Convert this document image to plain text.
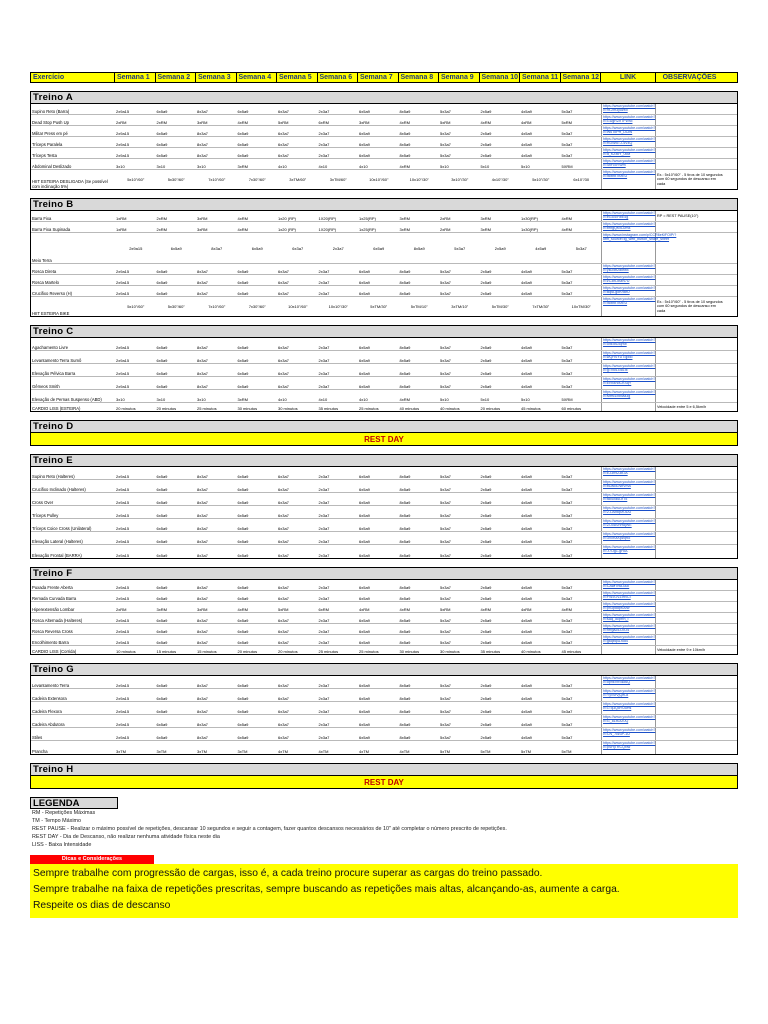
Exercício	Semana 1	Semana 2	Semana 3	Semana 4	Semana 5	Semana 6	Semana 7	Semana 8	Semana 9	Semana 10 Semana 11 Semana 12	LINK	OBSERVAÇÕES
Treino A
Supino Reto (Barra)	2x9a15	6x5a9	8x3a7	6x5a9	6x3a7	2x3a7	6x5a9	8x5a9	5x3a7	2x5a9	4x5a9	5x3a7
https://www.youtube.com/watch?v=9t-2m3yuzMI
Dead Stop Push Up	2xRM	2xRM	3xRM	4xRM	5xRM	6xRM	3xRM	4xRM	5xRM	4xRM	4xRM	5xRM
https://www.youtube.com/watch?v=GUgRZhTFWNI
Militar Press em pé	2x9a15	6x5a9	8x3a7	6x5a9	6x3a7	2x3a7	6x5a9	8x5a9	5x3a7	2x5a9	4x5a9	5x3a7
https://www.youtube.com/watch?v=WuTkPH_DCbs
Tríceps Paralela	2x9a15	6x5a9	8x3a7	6x5a9	6x3a7	2x3a7	6x5a9	8x5a9	5x3a7	2x5a9	4x5a9	5x3a7
https://www.youtube.com/watch?v=RDWBTJ-4V4Q
Tríceps Testa	2x9a15	6x5a9	8x3a7	6x5a9	6x3a7	2x3a7	6x5a9	8x5a9	5x3a7	2x5a9	4x5a9	5x3a7
https://www.youtube.com/watch?v=d_KZxkY_0cM
Abdominal Deslizado	3x10	3x10	3x10	3xRM	4x10	4x10	4x10	4xRM	5x10	5x10	5x10	5XRM
https://www.youtube.com/watch?v=4nFc5YWm
HIIT ESTEIRA DESLIGADA (Se possível com inclinação 5%)
5x10"/60"	5x30"/60"	7x10"/60"	7x30"/60"	3xTM/60"	3xTM/60"	10x10"/60"	10x10"/30"	3x10"/30"	4x10"/30"	5x10"/30"	6x10"/30
https://www.youtube.com/watch?v=ltcxnb7hzEU	Ex.: 5x10"/60" - 5 tiros de 10 segundos com 60 segundos de descanso em cada
Treino B
Barra Fixa	1xRM	2xRM	3xRM	4xRM	1x20 (RP)	1X20(RP)	1x25(RP)	3xRM	2xRM	3xRM	1x30(RP)	4xRM
https://www.youtube.com/watch?v=eGo4IYlbE5g	RP = REST PAUSE(10")
Barra Fixa Supinada	1xRM	2xRM	3xRM	4xRM	1x20 (RP)	1X20(RP)	1x25(RP)	3xRM	2xRM	3xRM	1x30(RP)	4xRM
https://www.youtube.com/watch?v=brhgQKxDJm4
Meio Terra
2x9a15	6x5a9	8x3a7	6x5a9	6x3a7	2x3a7	6x5a9	8x5a9	5x3a7	2x5a9	4x5a9	5x3a7
https://www.instagram.com/p/CCR6eKiFOIP/?utm_source=ig_web_button_share_sheet
Rosca Direta	2x9a15	6x5a9	8x3a7	6x5a9	6x3a7	2x3a7	6x5a9	8x5a9	5x3a7	2x5a9	4x5a9	5x3a7
https://www.youtube.com/watch?v=ykD5bZdkfw4
Rosca Martelo	2x9a15	6x5a9	8x3a7	6x5a9	6x3a7	2x3a7	6x5a9	8x5a9	5x3a7	2x5a9	4x5a9	5x3a7
https://www.youtube.com/watch?v=zC3nLlBzN7U
Crucifixo Reverso (H)	2x9a15	6x5a9	8x3a7	6x5a9	6x3a7	2x3a7	6x5a9	8x5a9	5x3a7	2x5a9	4x5a9	5x3a7
https://www.youtube.com/watch?v=Bq6LgoKhBfU
HIIT ESTEIRA BIKE
5x10"/60"	5x30"/60"	7x10"/60"	7x30"/60"	10x10"/60"	10x10"/30"	5xTM/30"	5xTM/10"	3xTM/10"	5xTM/30"	7xTM/30"	10xTM/30"
https://www.youtube.com/watch?v=ltcxnb7hzEU	Ex.: 5x10"/60" - 5 tiros de 10 segundos com 60 segundos de descanso em cada
Treino C
Agachamento Livre	2x9a15	6x5a9	8x3a7	6x5a9	6x3a7	2x3a7	6x5a9	8x5a9	5x3a7	2x5a9	4x5a9	5x3a7
https://www.youtube.com/watch?v=ultEIBLtqHw
Levantamento Terra Sumô	2x9a15	6x5a9	8x3a7	6x5a9	6x3a7	2x3a7	6x5a9	8x5a9	5x3a7	2x5a9	4x5a9	5x3a7
https://www.youtube.com/watch?v=wQHSYDTqpdo
Elevação Pélvica Barra	2x9a15	6x5a9	8x3a7	6x5a9	6x3a7	2x3a7	6x5a9	8x5a9	5x3a7	2x5a9	4x5a9	5x3a7
https://www.youtube.com/watch?v=gTvI0LG6LIE
Gêmeos Smith	2x9a15	6x5a9	8x3a7	6x5a9	6x3a7	2x3a7	6x5a9	8x5a9	5x3a7	2x5a9	4x5a9	5x3a7
https://www.youtube.com/watch?v=ErM4hdCKSqY
Elevação de Pernas Suspenso (ABD)	3x10	3x10	3x10	3xRM	4x10	4x10	4x10	4xRM	5x10	5x10	5x10	5XRM
https://www.youtube.com/watch?v=MtfN1MMaz3g
CARDIO LISS (ESTEIRA)	20 minutos	20 minutos	25 minutos	30 minutos	30 minutos	35 minutos	25 minutos	40 minutos	40 minutos	20 minutos	45 minutos	60 minutos	Velocidade entre 5 e 6,5km/h
Treino D
REST DAY
Treino E
Supino Reto (Halteres)	2x9a15	6x5a9	8x3a7	6x5a9	6x3a7	2x3a7	6x5a9	8x5a9	5x3a7	2x5a9	4x5a9	5x3a7
https://www.youtube.com/watch?v=EJ3h9Z3b-iA
Crucifixo Inclinado (Halteres)	2x9a15	6x5a9	8x3a7	6x5a9	6x3a7	2x3a7	6x5a9	8x5a9	5x3a7	2x5a9	4x5a9	5x3a7
https://www.youtube.com/watch?v=bDaIoLNbVmA
Cross Over	2x9a15	6x5a9	8x3a7	6x5a9	6x3a7	2x3a7	6x5a9	8x5a9	5x3a7	2x5a9	4x5a9	5x3a7
https://www.youtube.com/watch?v=taI4XduLhTk
Tríceps Pulley	2x9a15	6x5a9	8x3a7	6x5a9	6x3a7	2x3a7	6x5a9	8x5a9	5x3a7	2x5a9	4x5a9	5x3a7
https://www.youtube.com/watch?v=2-LAMcpzODU
Tríceps Coice Cross (Unilateral)	2x9a15	6x5a9	8x3a7	6x5a9	6x3a7	2x3a7	6x5a9	8x5a9	5x3a7	2x5a9	4x5a9	5x3a7
https://www.youtube.com/watch?v=ZO0w2nH8jWE
Elevação Lateral (Halteres)	2x9a15	6x5a9	8x3a7	6x5a9	6x3a7	2x3a7	6x5a9	8x5a9	5x3a7	2x5a9	4x5a9	5x3a7
https://www.youtube.com/watch?v=3VcKaXpzqRo
Elevação Frontal (BARRA)	2x9a15	6x5a9	8x3a7	6x5a9	6x3a7	2x3a7	6x5a9	8x5a9	5x3a7	2x5a9	4x5a9	5x3a7
https://www.youtube.com/watch?v=-t7Og1-gFkA
Treino F
Puxada Frente Aberta	2x9a15	6x5a9	8x3a7	6x5a9	6x3a7	2x3a7	6x5a9	8x5a9	5x3a7	2x5a9	4x5a9	5x3a7
https://www.youtube.com/watch?v=CAwf7n6Luuc
Remada Curvada Barra	2x9a15	6x5a9	8x3a7	6x5a9	6x3a7	2x3a7	6x5a9	8x5a9	5x3a7	2x5a9	4x5a9	5x3a7
https://www.youtube.com/watch?v=FWJGVZIRvCI
Hiperextensão Lombar	2xRM	3xRM	3xRM	4xRM	5xRM	6xRM	4xRM	4xRM	5xRM	4xRM	4xRM	4xRM
https://www.youtube.com/watch?v=ph3pddpKzzw
Rosca Alternada (Halteres)	2x9a15	6x5a9	8x3a7	6x5a9	6x3a7	2x3a7	6x5a9	8x5a9	5x3a7	2x5a9	4x5a9	5x3a7
https://www.youtube.com/watch?v=sAq_ocpRh_I
Rosca Reversa Cross	2x9a15	6x5a9	8x3a7	6x5a9	6x3a7	2x3a7	6x5a9	8x5a9	5x3a7	2x5a9	4x5a9	5x3a7
https://www.youtube.com/watch?v=nRgaJ5JJXJ4
Encolhimento Barra	2x9a15	6x5a9	8x3a7	6x5a9	6x3a7	2x3a7	6x5a9	8x5a9	5x3a7	2x5a9	4x5a9	5x3a7
https://www.youtube.com/watch?v=g6qbq4Lf5d4
CARDIO LISS (Corrida)	10 minutos	15 minutos	15 minutos	20 minutos	20 minutos	25 minutos	25 minutos	30 minutos	30 minutos	35 minutos	40 minutos	45 minutos	Velocidade entre 9 e 10km/h
Treino G
Levantamento Terra	2x9a15	6x5a9	8x3a7	6x5a9	6x3a7	2x3a7	6x5a9	8x5a9	5x3a7	2x5a9	4x5a9	5x3a7
https://www.youtube.com/watch?v=op9kVnSso6Q
Cadeira Extensora	2x9a15	6x5a9	8x3a7	6x5a9	6x3a7	2x3a7	6x5a9	8x5a9	5x3a7	2x5a9	4x5a9	5x3a7
https://www.youtube.com/watch?v=YyvSfVjQeL8
Cadeira Flexora	2x9a15	6x5a9	8x3a7	6x5a9	6x3a7	2x3a7	6x5a9	8x5a9	5x3a7	2x5a9	4x5a9	5x3a7
https://www.youtube.com/watch?v=1Tq3QdYUuHs
Cadeira Abdutora	2x9a15	6x5a9	8x3a7	6x5a9	6x3a7	2x3a7	6x5a9	8x5a9	5x3a7	2x5a9	4x5a9	5x3a7
https://www.youtube.com/watch?v=G_8LItOiZ0Q
Stiles	2x9a15	6x5a9	8x3a7	6x5a9	6x3a7	2x3a7	6x5a9	8x5a9	5x3a7	2x5a9	4x5a9	5x3a7
https://www.youtube.com/watch?v=CN_7cz3P-1U
Prancha	3xTM	3xTM	3xTM	3xTM	4xTM	4xTM	4xTM	4xTM	5xTM	5xTM	5xTM	5xTM
https://www.youtube.com/watch?v=pSHjTRCQxIw
Treino H
REST DAY
LEGENDA
RM - Repetições Máximas
TM - Tempo Máximo
REST PAUSE - Realizar o máximo possível de repetições, descansar 10 segundos e seguir a contagem, fazer quantos descansos necessários de 10" até completar o número prescrito de repetições.
REST DAY - Dia de Descanso, não realizar nenhuma atividade física neste dia
LISS - Baixa Intensidade
Dicas e Considerações
Sempre trabalhe com progressão de cargas, isso é, a cada treino procure superar as cargas do treino passado.
Sempre trabalhe na faixa de repetições prescritas, sempre buscando as repetições mais altas, alcançando-as, aumente a carga.
Respeite os dias de descanso
